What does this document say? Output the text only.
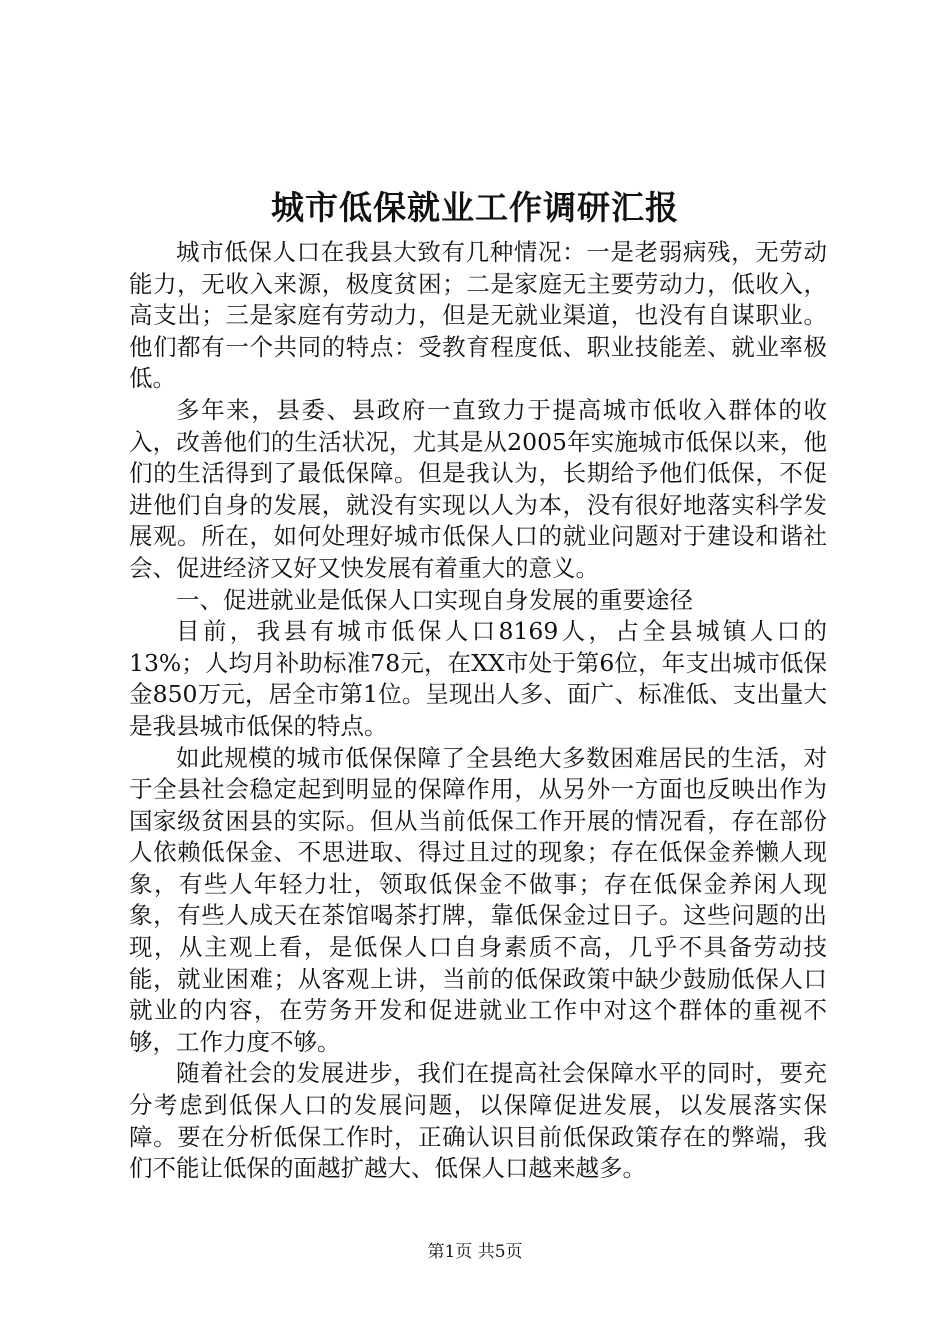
城市低保就业工作调研汇报

城市低保人口在我县大致有几种情况：一是老弱病残，无劳动能力，无收入来源，极度贫困；二是家庭无主要劳动力，低收入，高支出；三是家庭有劳动力，但是无就业渠道，也没有自谋职业。他们都有一个共同的特点：受教育程度低、职业技能差、就业率极低。

多年来，县委、县政府一直致力于提高城市低收入群体的收入，改善他们的生活状况，尤其是从2005年实施城市低保以来，他们的生活得到了最低保障。但是我认为，长期给予他们低保，不促进他们自身的发展，就没有实现以人为本，没有很好地落实科学发展观。所在，如何处理好城市低保人口的就业问题对于建设和谐社会、促进经济又好又快发展有着重大的意义。

一、促进就业是低保人口实现自身发展的重要途径

目前，我县有城市低保人口8169人，占全县城镇人口的13%；人均月补助标准78元，在XX市处于第6位，年支出城市低保金850万元，居全市第1位。呈现出人多、面广、标准低、支出量大是我县城市低保的特点。

如此规模的城市低保保障了全县绝大多数困难居民的生活，对于全县社会稳定起到明显的保障作用，从另外一方面也反映出作为国家级贫困县的实际。但从当前低保工作开展的情况看，存在部份人依赖低保金、不思进取、得过且过的现象；存在低保金养懒人现象，有些人年轻力壮，领取低保金不做事；存在低保金养闲人现象，有些人成天在茶馆喝茶打牌，靠低保金过日子。这些问题的出现，从主观上看，是低保人口自身素质不高，几乎不具备劳动技能，就业困难；从客观上讲，当前的低保政策中缺少鼓励低保人口就业的内容，在劳务开发和促进就业工作中对这个群体的重视不够，工作力度不够。

随着社会的发展进步，我们在提高社会保障水平的同时，要充分考虑到低保人口的发展问题，以保障促进发展，以发展落实保障。要在分析低保工作时，正确认识目前低保政策存在的弊端，我们不能让低保的面越扩越大、低保人口越来越多。

第1页 共5页
